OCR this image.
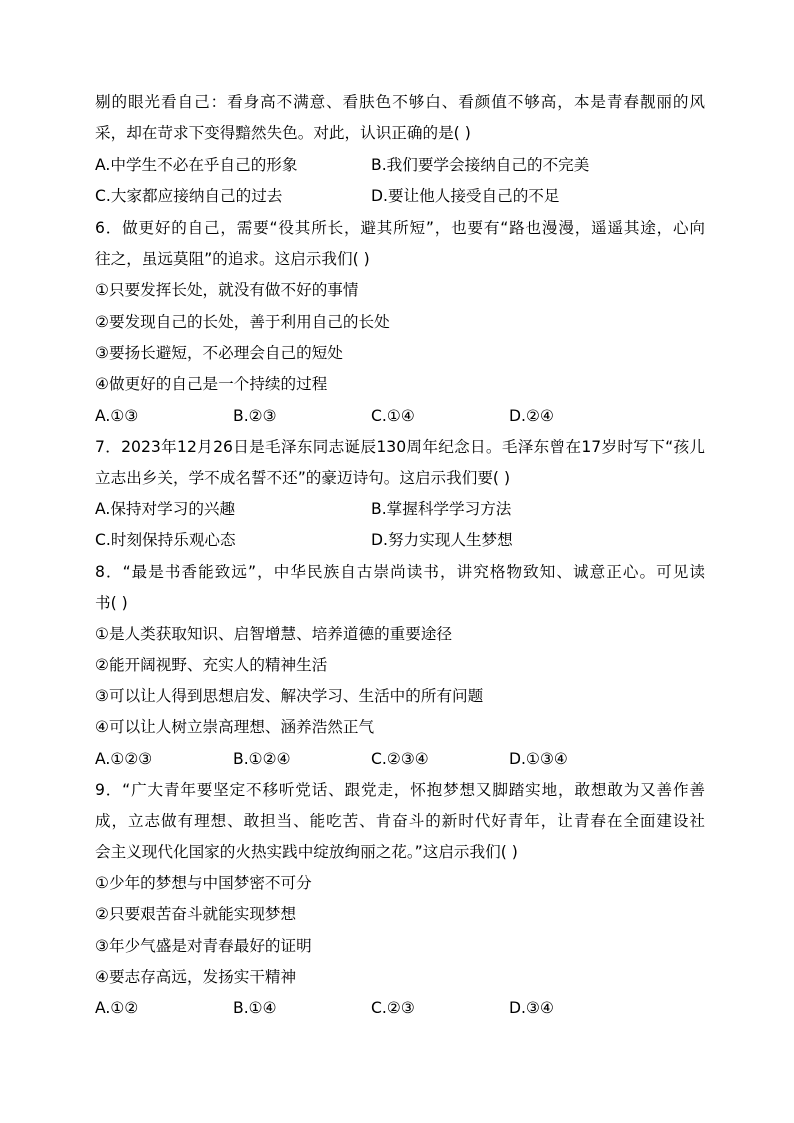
剔的眼光看自己：看身高不满意、看肤色不够白、看颜值不够高，本是青春靓丽的风
采，却在苛求下变得黯然失色。对此，认识正确的是( )
A.中学生不必在乎自己的形象	B.我们要学会接纳自己的不完美
C.大家都应接纳自己的过去	D.要让他人接受自己的不足
6．做更好的自己，需要“役其所长，避其所短”，也要有“路也漫漫，遥遥其途，心向
往之，虽远莫阻”的追求。这启示我们( )
①只要发挥长处，就没有做不好的事情
②要发现自己的长处，善于利用自己的长处
③要扬长避短，不必理会自己的短处
④做更好的自己是一个持续的过程
A.①③	B.②③	C.①④	D.②④
7．2023年12月26日是毛泽东同志诞辰130周年纪念日。毛泽东曾在17岁时写下“孩儿
立志出乡关，学不成名誓不还”的豪迈诗句。这启示我们要( )
A.保持对学习的兴趣	B.掌握科学学习方法
C.时刻保持乐观心态	D.努力实现人生梦想
8．“最是书香能致远”，中华民族自古崇尚读书，讲究格物致知、诚意正心。可见读
书( )
①是人类获取知识、启智增慧、培养道德的重要途径
②能开阔视野、充实人的精神生活
③可以让人得到思想启发、解决学习、生活中的所有问题
④可以让人树立崇高理想、涵养浩然正气
A.①②③	B.①②④	C.②③④	D.①③④
9．“广大青年要坚定不移听党话、跟党走，怀抱梦想又脚踏实地，敢想敢为又善作善
成，立志做有理想、敢担当、能吃苦、肯奋斗的新时代好青年，让青春在全面建设社
会主义现代化国家的火热实践中绽放绚丽之花。”这启示我们( )
①少年的梦想与中国梦密不可分
②只要艰苦奋斗就能实现梦想
③年少气盛是对青春最好的证明
④要志存高远，发扬实干精神
A.①②	B.①④	C.②③	D.③④
